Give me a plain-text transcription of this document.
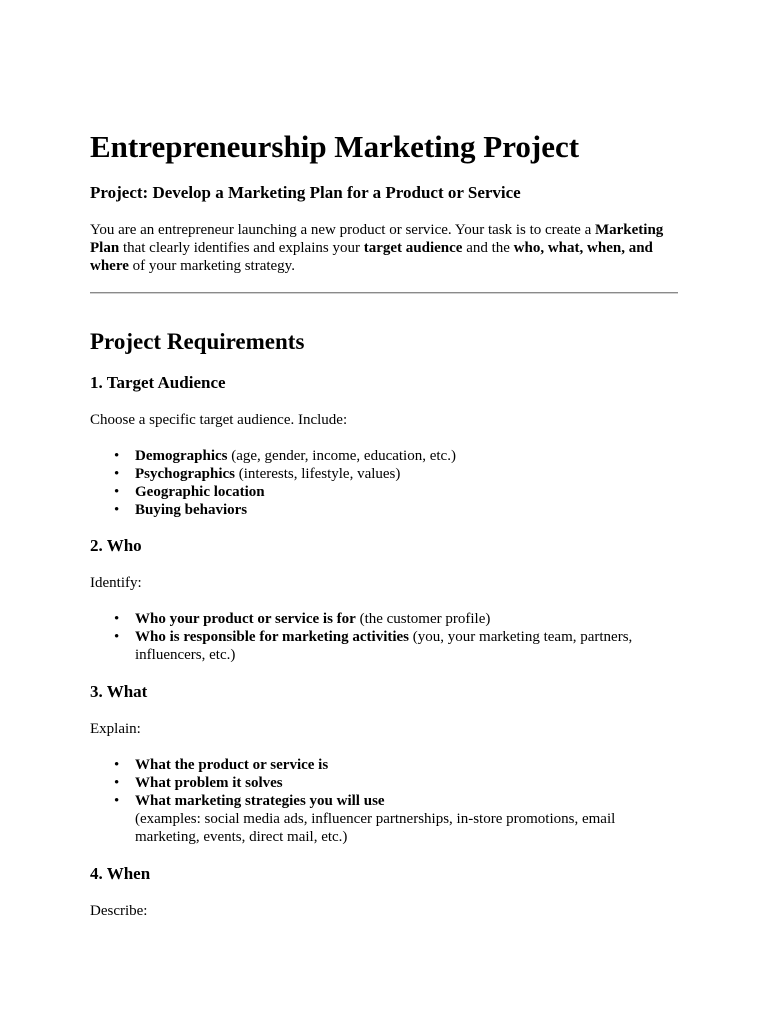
Entrepreneurship Marketing Project
Project: Develop a Marketing Plan for a Product or Service

You are an entrepreneur launching a new product or service. Your task is to create a Marketing Plan that clearly identifies and explains your target audience and the who, what, when, and where of your marketing strategy.

Project Requirements
1. Target Audience

Choose a specific target audience. Include:

• Demographics (age, gender, income, education, etc.)
• Psychographics (interests, lifestyle, values)
• Geographic location
• Buying behaviors
2. Who

Identify:

• Who your product or service is for (the customer profile)
• Who is responsible for marketing activities (you, your marketing team, partners, influencers, etc.)
3. What

Explain:

• What the product or service is
• What problem it solves
• What marketing strategies you will use
(examples: social media ads, influencer partnerships, in-store promotions, email marketing, events, direct mail, etc.)
4. When

Describe:
